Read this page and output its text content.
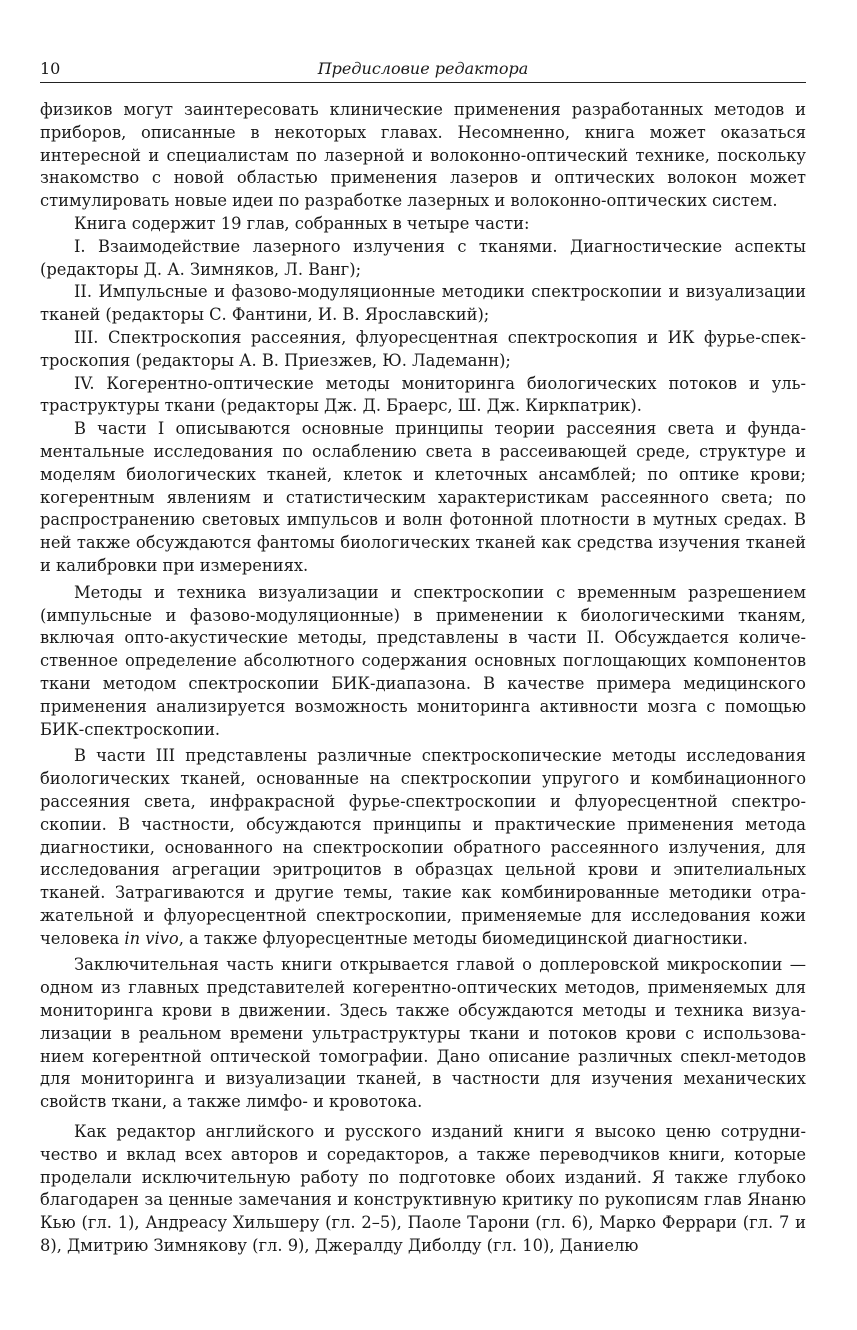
10	Предисловие редактора

физиков могут заинтересовать клинические применения разработанных методов и приборов, описанные в некоторых главах. Несомненно, книга может оказаться интересной и специалистам по лазерной и волоконно-оптический технике, поскольку знакомство с новой областью применения лазеров и оптических волокон может стимулировать новые идеи по разработке лазерных и волоконно-оптических систем.

Книга содержит 19 глав, собранных в четыре части:

I. Взаимодействие лазерного излучения с тканями. Диагностические аспекты (редакторы Д. А. Зимняков, Л. Ванг);

II. Импульсные и фазово-модуляционные методики спектроскопии и визуализации тканей (редакторы С. Фантини, И. В. Ярославский);

III. Спектроскопия рассеяния, флуоресцентная спектроскопия и ИК фурье-спектроскопия (редакторы А. В. Приезжев, Ю. Ладеманн);

IV. Когерентно-оптические методы мониторинга биологических потоков и ультраструктуры ткани (редакторы Дж. Д. Браерс, Ш. Дж. Киркпатрик).

В части I описываются основные принципы теории рассеяния света и фундаментальные исследования по ослаблению света в рассеивающей среде, структуре и моделям биологических тканей, клеток и клеточных ансамблей; по оптике крови; когерентным явлениям и статистическим характеристикам рассеянного света; по распространению световых импульсов и волн фотонной плотности в мутных средах. В ней также обсуждаются фантомы биологических тканей как средства изучения тканей и калибровки при измерениях.

Методы и техника визуализации и спектроскопии с временным разрешением (импульсные и фазово-модуляционные) в применении к биологическими тканям, включая опто-акустические методы, представлены в части II. Обсуждается количественное определение абсолютного содержания основных поглощающих компонентов ткани методом спектроскопии БИК-диапазона. В качестве примера медицинского применения анализируется возможность мониторинга активности мозга с помощью БИК-спектроскопии.

В части III представлены различные спектроскопические методы исследования биологических тканей, основанные на спектроскопии упругого и комбинационного рассеяния света, инфракрасной фурье-спектроскопии и флуоресцентной спектроскопии. В частности, обсуждаются принципы и практические применения метода диагностики, основанного на спектроскопии обратного рассеянного излучения, для исследования агрегации эритроцитов в образцах цельной крови и эпителиальных тканей. Затрагиваются и другие темы, такие как комбинированные методики отражательной и флуоресцентной спектроскопии, применяемые для исследования кожи человека in vivo, а также флуоресцентные методы биомедицинской диагностики.

Заключительная часть книги открывается главой о доплеровской микроскопии — одном из главных представителей когерентно-оптических методов, применяемых для мониторинга крови в движении. Здесь также обсуждаются методы и техника визуализации в реальном времени ультраструктуры ткани и потоков крови с использованием когерентной оптической томографии. Дано описание различных спекл-методов для мониторинга и визуализации тканей, в частности для изучения механических свойств ткани, а также лимфо- и кровотока.

Как редактор английского и русского изданий книги я высоко ценю сотрудничество и вклад всех авторов и соредакторов, а также переводчиков книги, которые проделали исключительную работу по подготовке обоих изданий. Я также глубоко благодарен за ценные замечания и конструктивную критику по рукописям глав Янаню Кью (гл. 1), Андреасу Хильшеру (гл. 2–5), Паоле Тарони (гл. 6), Марко Феррари (гл. 7 и 8), Дмитрию Зимнякову (гл. 9), Джералду Диболду (гл. 10), Даниелю
